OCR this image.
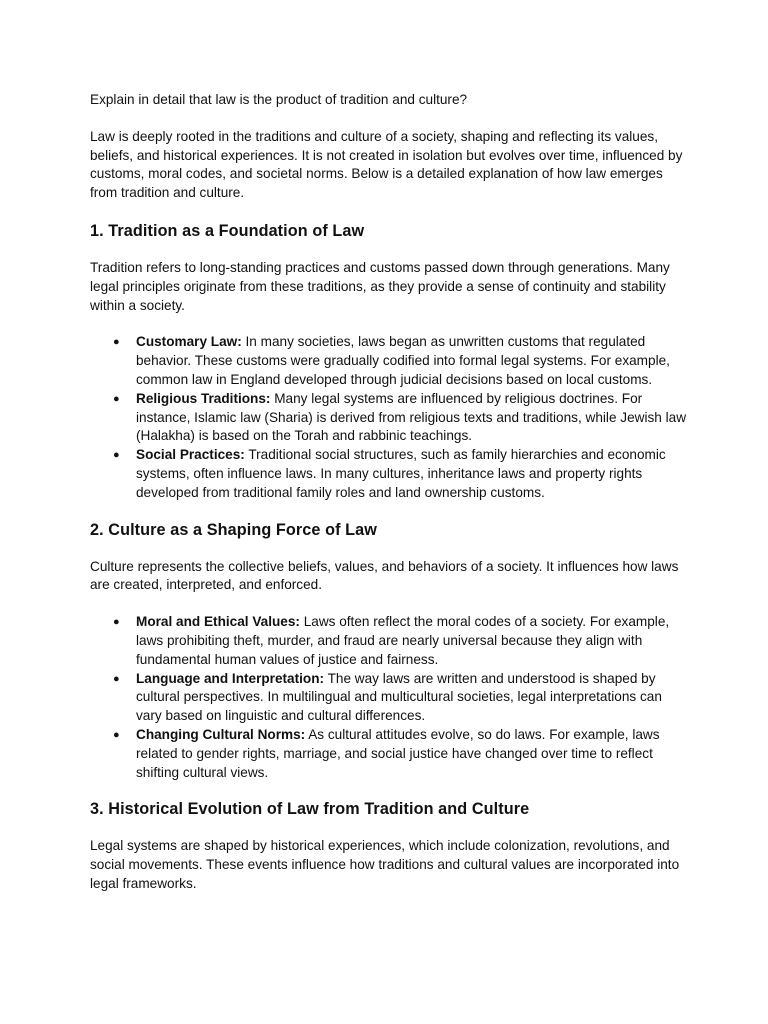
Explain in detail that law is the product of tradition and culture?

Law is deeply rooted in the traditions and culture of a society, shaping and reflecting its values, beliefs, and historical experiences. It is not created in isolation but evolves over time, influenced by customs, moral codes, and societal norms. Below is a detailed explanation of how law emerges from tradition and culture.

1. Tradition as a Foundation of Law

Tradition refers to long-standing practices and customs passed down through generations. Many legal principles originate from these traditions, as they provide a sense of continuity and stability within a society.

● Customary Law: In many societies, laws began as unwritten customs that regulated behavior. These customs were gradually codified into formal legal systems. For example, common law in England developed through judicial decisions based on local customs.
● Religious Traditions: Many legal systems are influenced by religious doctrines. For instance, Islamic law (Sharia) is derived from religious texts and traditions, while Jewish law (Halakha) is based on the Torah and rabbinic teachings.
● Social Practices: Traditional social structures, such as family hierarchies and economic systems, often influence laws. In many cultures, inheritance laws and property rights developed from traditional family roles and land ownership customs.
2. Culture as a Shaping Force of Law

Culture represents the collective beliefs, values, and behaviors of a society. It influences how laws are created, interpreted, and enforced.

● Moral and Ethical Values: Laws often reflect the moral codes of a society. For example, laws prohibiting theft, murder, and fraud are nearly universal because they align with fundamental human values of justice and fairness.
● Language and Interpretation: The way laws are written and understood is shaped by cultural perspectives. In multilingual and multicultural societies, legal interpretations can vary based on linguistic and cultural differences.
● Changing Cultural Norms: As cultural attitudes evolve, so do laws. For example, laws related to gender rights, marriage, and social justice have changed over time to reflect shifting cultural views.
3. Historical Evolution of Law from Tradition and Culture

Legal systems are shaped by historical experiences, which include colonization, revolutions, and social movements. These events influence how traditions and cultural values are incorporated into legal frameworks.
